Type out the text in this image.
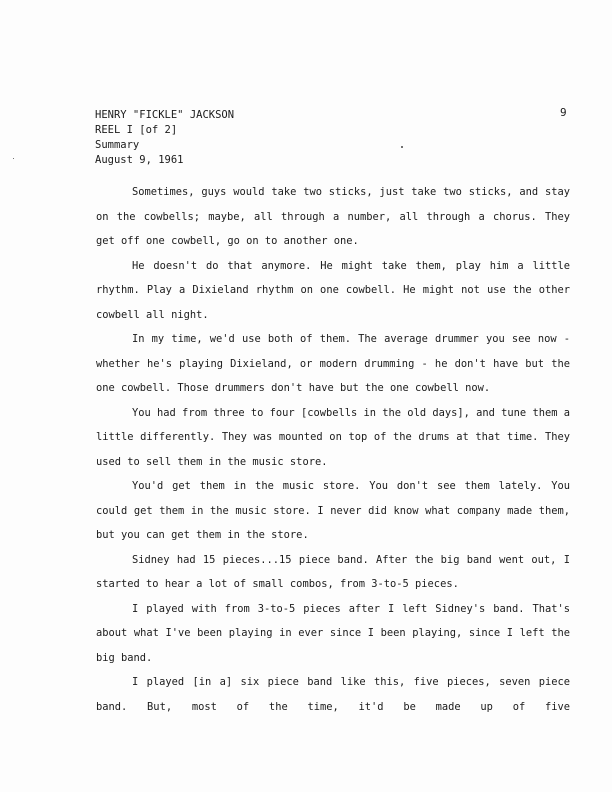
HENRY "FICKLE" JACKSON
REEL I [of 2]
Summary
August 9, 1961
9

Sometimes, guys would take two sticks, just take two sticks, and stay on the cowbells; maybe, all through a number, all through a chorus. They get off one cowbell, go on to another one.

He doesn't do that anymore. He might take them, play him a little rhythm. Play a Dixieland rhythm on one cowbell. He might not use the other cowbell all night.

In my time, we'd use both of them. The average drummer you see now - whether he's playing Dixieland, or modern drumming - he don't have but the one cowbell. Those drummers don't have but the one cowbell now.

You had from three to four [cowbells in the old days], and tune them a little differently. They was mounted on top of the drums at that time. They used to sell them in the music store.

You'd get them in the music store. You don't see them lately. You could get them in the music store. I never did know what company made them, but you can get them in the store.

Sidney had 15 pieces...15 piece band. After the big band went out, I started to hear a lot of small combos, from 3-to-5 pieces.

I played with from 3-to-5 pieces after I left Sidney's band. That's about what I've been playing in ever since I been playing, since I left the big band.

I played [in a] six piece band like this, five pieces, seven piece band. But, most of the time, it'd be made up of five
